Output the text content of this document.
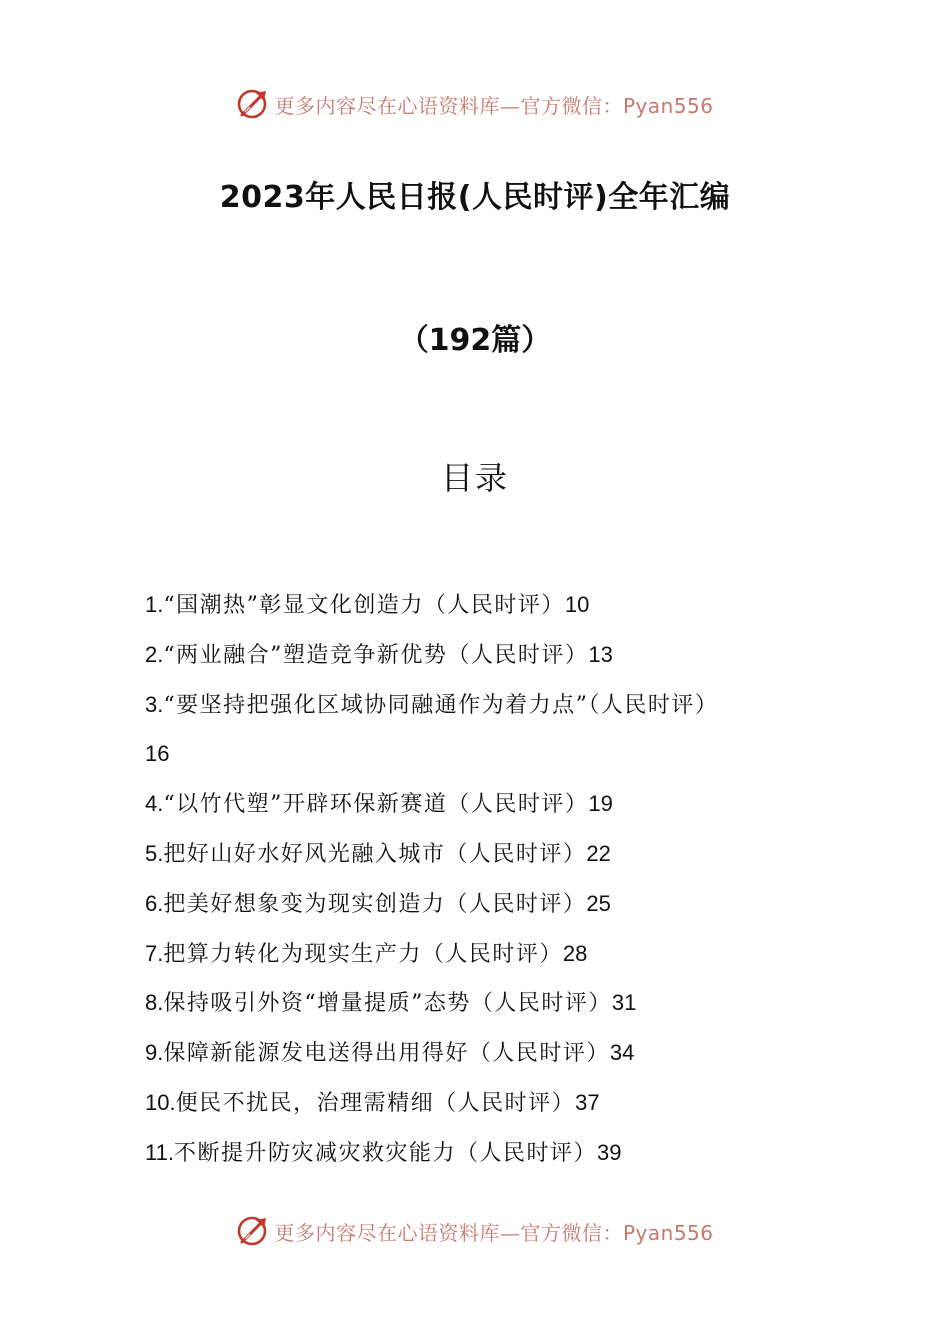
更多内容尽在心语资料库—官方微信：Pyan556
2023年人民日报(人民时评)全年汇编
（192篇）
目录
1.“国潮热”彰显文化创造力（人民时评）10
2.“两业融合”塑造竞争新优势（人民时评）13
3.“要坚持把强化区域协同融通作为着力点”（人民时评）
16
4.“以竹代塑”开辟环保新赛道（人民时评）19
5.把好山好水好风光融入城市（人民时评）22
6.把美好想象变为现实创造力（人民时评）25
7.把算力转化为现实生产力（人民时评）28
8.保持吸引外资“增量提质”态势（人民时评）31
9.保障新能源发电送得出用得好（人民时评）34
10.便民不扰民，治理需精细（人民时评）37
11.不断提升防灾减灾救灾能力（人民时评）39
更多内容尽在心语资料库—官方微信：Pyan556
